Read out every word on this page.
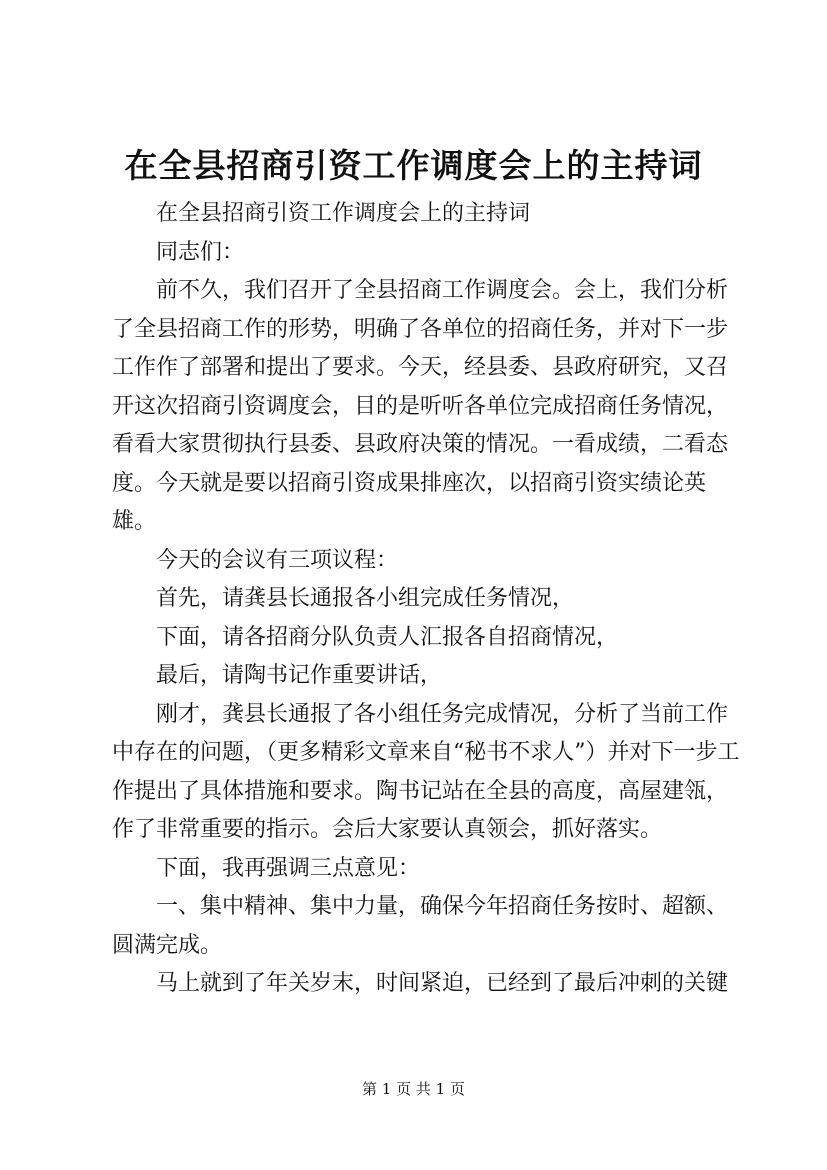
在全县招商引资工作调度会上的主持词

在全县招商引资工作调度会上的主持词

同志们：

前不久，我们召开了全县招商工作调度会。会上，我们分析了全县招商工作的形势，明确了各单位的招商任务，并对下一步工作作了部署和提出了要求。今天，经县委、县政府研究，又召开这次招商引资调度会，目的是听听各单位完成招商任务情况，看看大家贯彻执行县委、县政府决策的情况。一看成绩，二看态度。今天就是要以招商引资成果排座次，以招商引资实绩论英雄。

今天的会议有三项议程：

首先，请龚县长通报各小组完成任务情况，

下面，请各招商分队负责人汇报各自招商情况，

最后，请陶书记作重要讲话，

刚才，龚县长通报了各小组任务完成情况，分析了当前工作中存在的问题，（更多精彩文章来自“秘书不求人”）并对下一步工作提出了具体措施和要求。陶书记站在全县的高度，高屋建瓴，作了非常重要的指示。会后大家要认真领会，抓好落实。

下面，我再强调三点意见：

一、集中精神、集中力量，确保今年招商任务按时、超额、圆满完成。

马上就到了年关岁末，时间紧迫，已经到了最后冲刺的关键

第 1 页 共 1 页
